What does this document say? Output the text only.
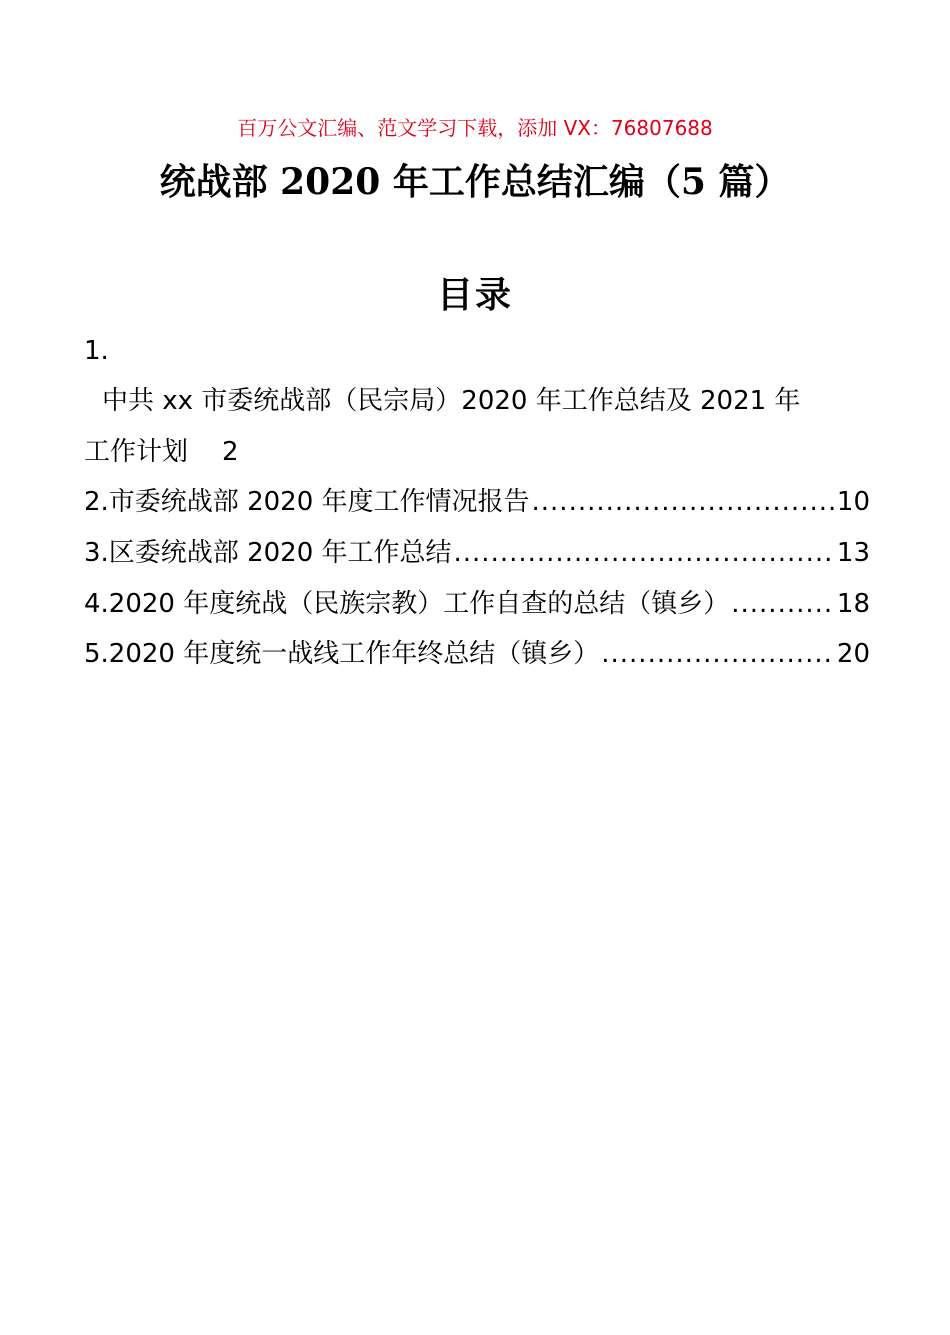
百万公文汇编、范文学习下载，添加 VX：76807688
统战部 2020 年工作总结汇编（5 篇）
目录
1.
中共 xx 市委统战部（民宗局）2020 年工作总结及 2021 年
工作计划 2
2.市委统战部 2020 年度工作情况报告 .....	10
3.区委统战部 2020 年工作总结 .....	13
4.2020 年度统战（民族宗教）工作自查的总结（镇乡） .....	18
5.2020 年度统一战线工作年终总结（镇乡） .....	20
